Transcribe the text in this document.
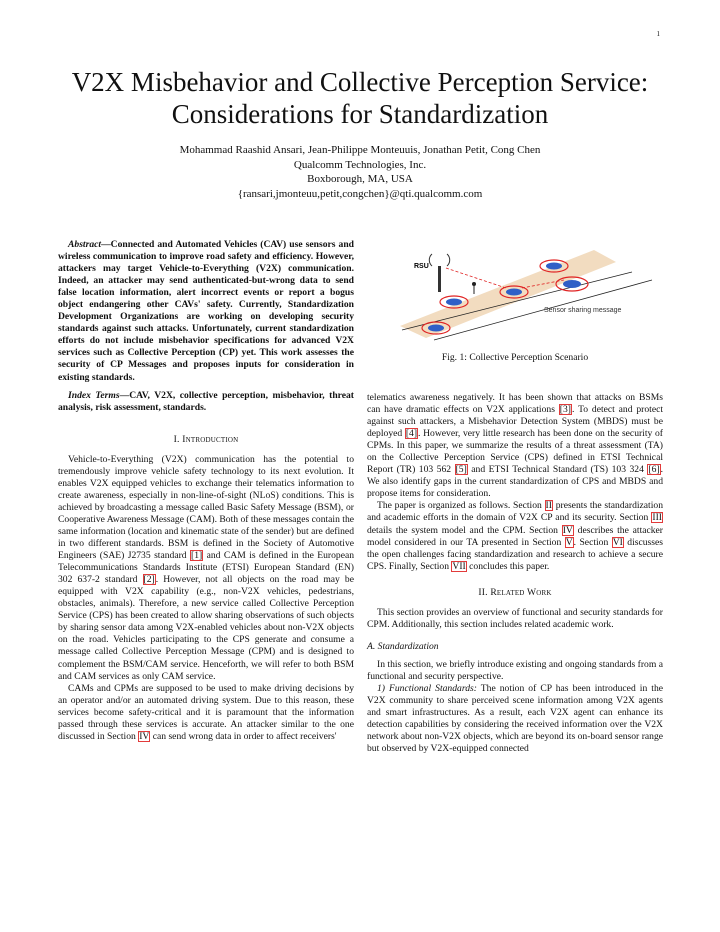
1
V2X Misbehavior and Collective Perception Service: Considerations for Standardization
Mohammad Raashid Ansari, Jean-Philippe Monteuuis, Jonathan Petit, Cong Chen
Qualcomm Technologies, Inc.
Boxborough, MA, USA
{ransari,jmonteuu,petit,congchen}@qti.qualcomm.com

Abstract—Connected and Automated Vehicles (CAV) use sensors and wireless communication to improve road safety and efficiency. However, attackers may target Vehicle-to-Everything (V2X) communication. Indeed, an attacker may send authenticated-but-wrong data to send false location information, alert incorrect events or report a bogus object endangering other CAVs' safety. Currently, Standardization Development Organizations are working on developing security standards against such attacks. Unfortunately, current standardization efforts do not include misbehavior specifications for advanced V2X services such as Collective Perception (CP) yet. This work assesses the security of CP Messages and proposes inputs for consideration in existing standards.

Index Terms—CAV, V2X, collective perception, misbehavior, threat analysis, risk assessment, standards.

I. Introduction

Vehicle-to-Everything (V2X) communication has the potential to tremendously improve vehicle safety technology to its next evolution. It enables V2X equipped vehicles to exchange their telematics information to create awareness, especially in non-line-of-sight (NLoS) conditions. This is achieved by broadcasting a message called Basic Safety Message (BSM), or Cooperative Awareness Message (CAM). Both of these messages contain the same information (location and kinematic state of the sender) but are defined in two different standards. BSM is defined in the Society of Automotive Engineers (SAE) J2735 standard [1] and CAM is defined in the European Telecommunications Standards Institute (ETSI) European Standard (EN) 302 637-2 standard [2]. However, not all objects on the road may be equipped with V2X capability (e.g., non-V2X vehicles, pedestrians, obstacles, animals). Therefore, a new service called Collective Perception Service (CPS) has been created to allow sharing observations of such objects by sharing sensor data among V2X-enabled vehicles about non-V2X objects on the road. Vehicles participating to the CPS generate and consume a message called Collective Perception Message (CPM) and is designed to complement the BSM/CAM service. Henceforth, we will refer to both BSM and CAM services as only CAM service.

CAMs and CPMs are supposed to be used to make driving decisions by an operator and/or an automated driving system. Due to this reason, these services become safety-critical and it is paramount that the information passed through these services is accurate. An attacker similar to the one discussed in Section IV can send wrong data in order to affect receivers'

RSU
Sensor sharing message
Fig. 1: Collective Perception Scenario

telematics awareness negatively. It has been shown that attacks on BSMs can have dramatic effects on V2X applications [3]. To detect and protect against such attackers, a Misbehavior Detection System (MBDS) must be deployed [4]. However, very little research has been done on the security of CPMs. In this paper, we summarize the results of a threat assessment (TA) on the Collective Perception Service (CPS) defined in ETSI Technical Report (TR) 103 562 [5] and ETSI Technical Standard (TS) 103 324 [6]. We also identify gaps in the current standardization of CPS and MBDS and propose items for consideration.

The paper is organized as follows. Section II presents the standardization and academic efforts in the domain of V2X CP and its security. Section III details the system model and the CPM. Section IV describes the attacker model considered in our TA presented in Section V. Section VI discusses the open challenges facing standardization and research to achieve a secure CPS. Finally, Section VII concludes this paper.

II. Related Work

This section provides an overview of functional and security standards for CPM. Additionally, this section includes related academic work.

A. Standardization

In this section, we briefly introduce existing and ongoing standards from a functional and security perspective.

1) Functional Standards: The notion of CP has been introduced in the V2X community to share perceived scene information among V2X agents and smart infrastructures. As a result, each V2X agent can enhance its detection capabilities by considering the received information over the V2X network about non-V2X objects, which are beyond its on-board sensor range but observed by V2X-equipped connected
